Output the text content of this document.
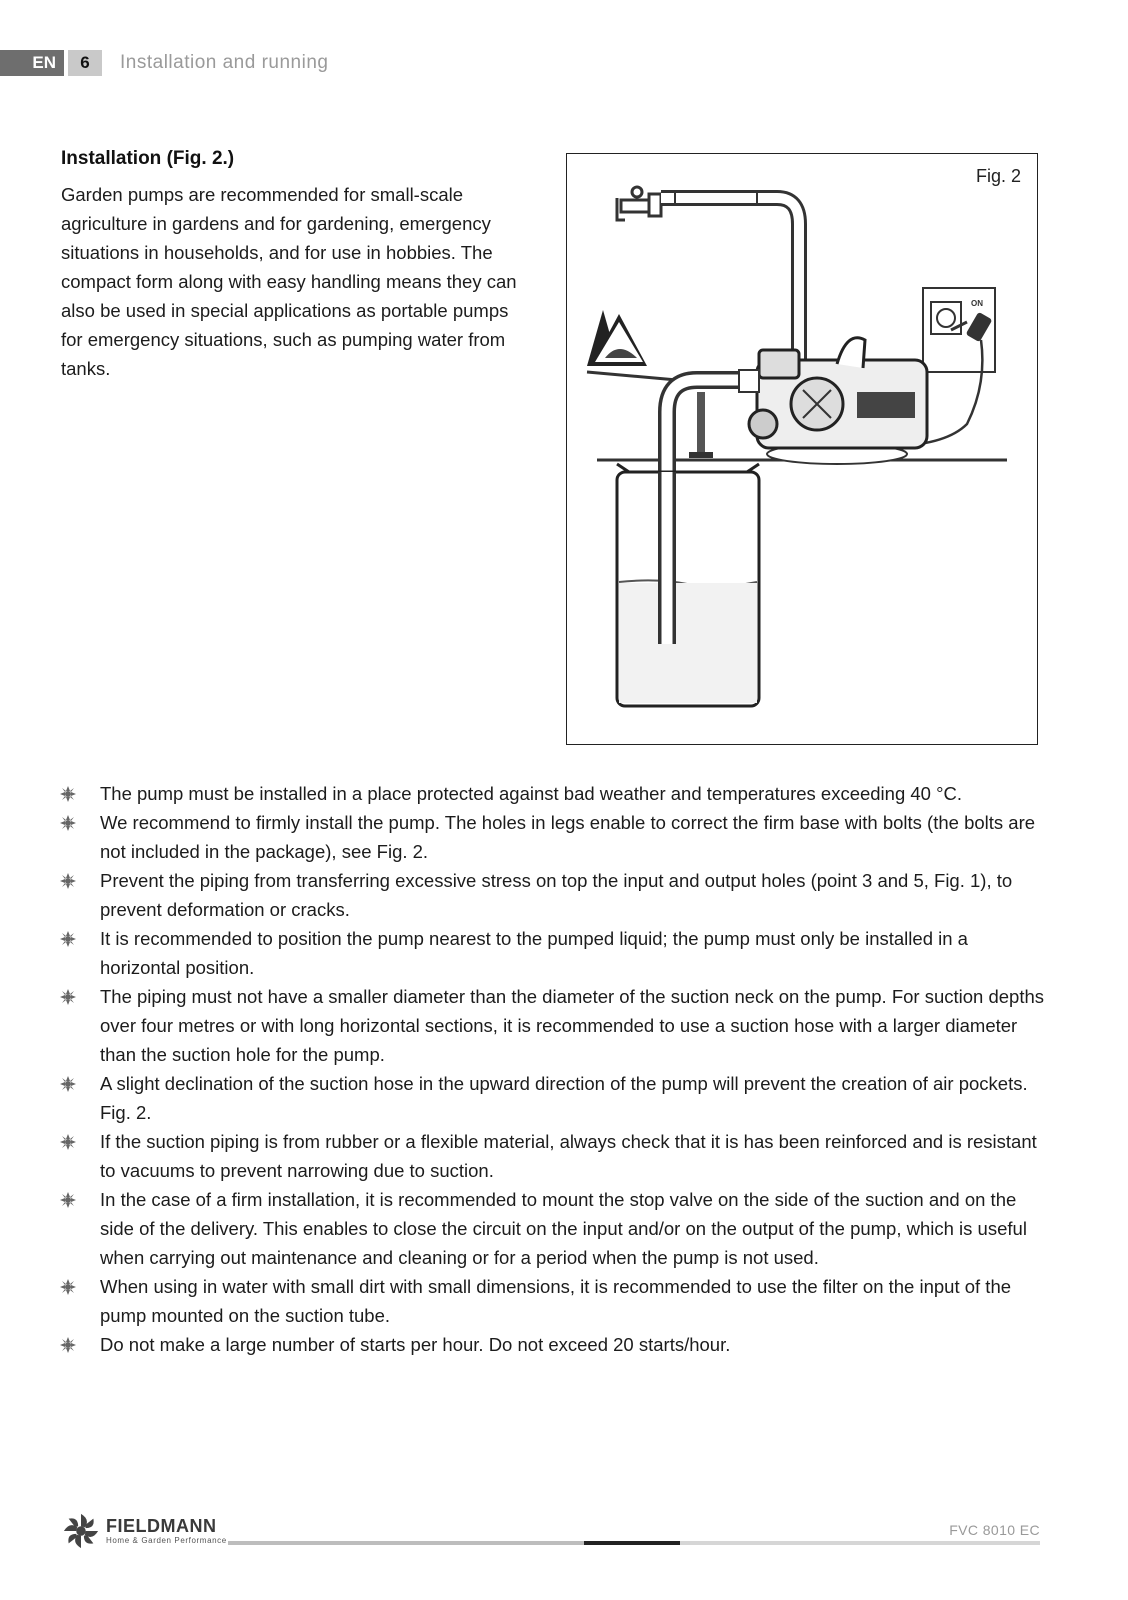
EN	6	Installation and running
Installation (Fig. 2.)

Garden pumps are recommended for small-scale agriculture in gardens and for gardening, emergency situations in households, and for use in hobbies. The compact form along with easy handling means they can also be used in special applications as portable pumps for emergency situations, such as pumping water from tanks.

ON
Fig. 2
The pump must be installed in a place protected against bad weather and temperatures exceeding 40 °C.
We recommend to firmly install the pump. The holes in legs enable to correct the firm base with bolts (the bolts are not included in the package), see Fig. 2.
Prevent the piping from transferring excessive stress on top the input and output holes (point 3 and 5, Fig. 1), to prevent deformation or cracks.
It is recommended to position the pump nearest to the pumped liquid; the pump must only be installed in a horizontal position.
The piping must not have a smaller diameter than the diameter of the suction neck on the pump. For suction depths over four metres or with long horizontal sections, it is recommended to use a suction hose with a larger diameter than the suction hole for the pump.
A slight declination of the suction hose in the upward direction of the pump will prevent the creation of air pockets. Fig. 2.
If the suction piping is from rubber or a flexible material, always check that it is has been reinforced and is resistant to vacuums to prevent narrowing due to suction.
In the case of a firm installation, it is recommended to mount the stop valve on the side of the suction and on the side of the delivery. This enables to close the circuit on the input and/or on the output of the pump, which is useful when carrying out maintenance and cleaning or for a period when the pump is not used.
When using in water with small dirt with small dimensions, it is recommended to use the filter on the input of the pump mounted on the suction tube.
Do not make a large number of starts per hour. Do not exceed 20 starts/hour.
FIELDMANN
Home & Garden Performance
FVC 8010 EC
